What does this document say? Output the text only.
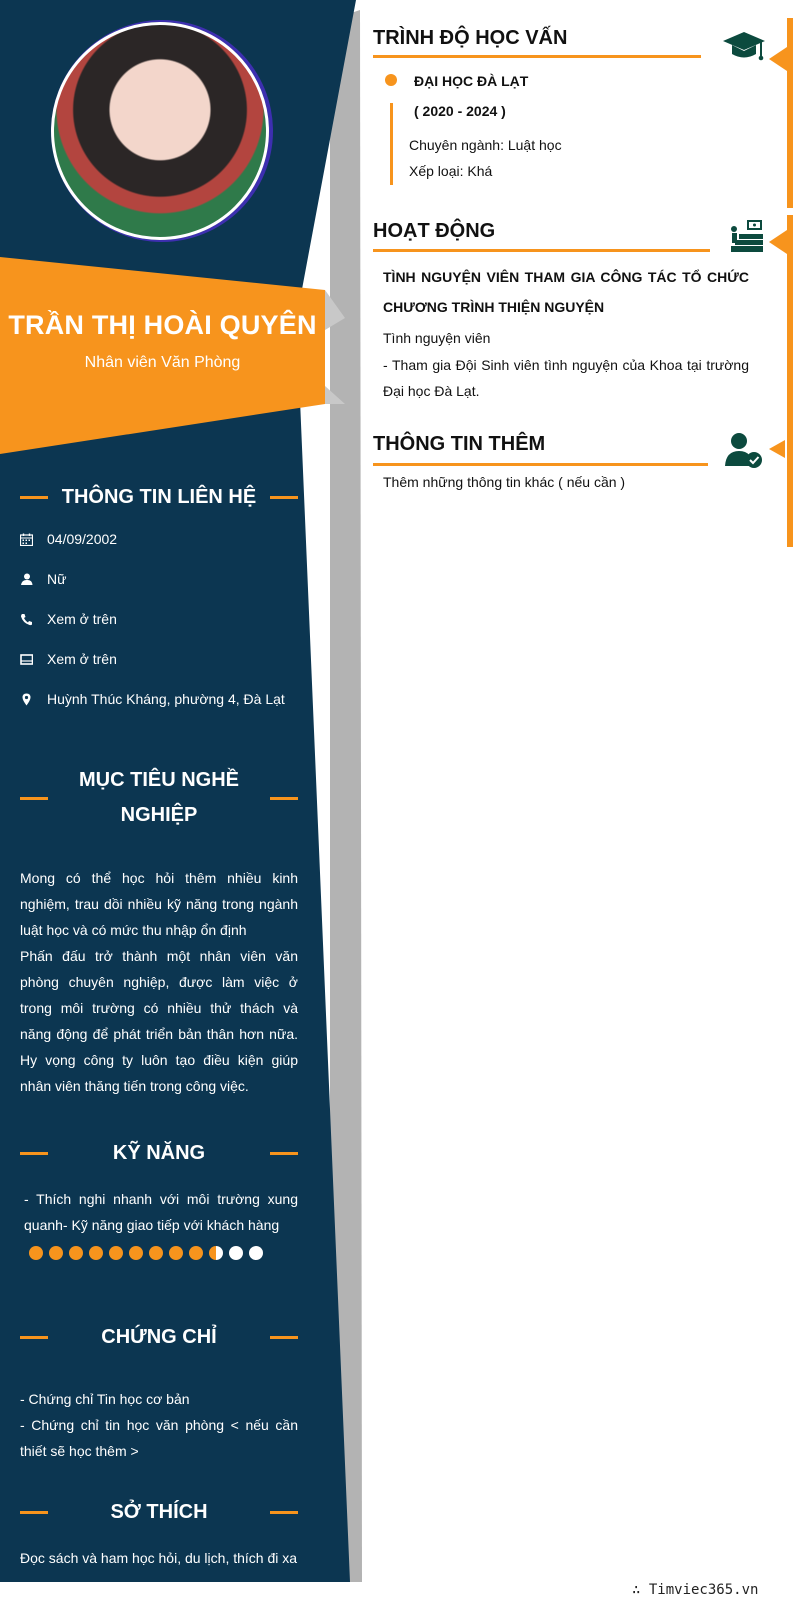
TRẦN THỊ HOÀI QUYÊN
Nhân viên Văn Phòng
THÔNG TIN LIÊN HỆ
04/09/2002
Nữ
Xem ở trên
Xem ở trên
Huỳnh Thúc Kháng, phường 4, Đà Lạt
MỤC TIÊU NGHỀ
NGHIỆP
Mong có thể học hỏi thêm nhiều kinh nghiệm, trau dồi nhiều kỹ năng trong ngành luật học và có mức thu nhập ổn định
Phấn đấu trở thành một nhân viên văn phòng chuyên nghiệp, được làm việc ở trong môi trường có nhiều thử thách và năng động để phát triển bản thân hơn nữa. Hy vọng công ty luôn tạo điều kiện giúp nhân viên thăng tiến trong công việc.
KỸ NĂNG
- Thích nghi nhanh với môi trường xung quanh- Kỹ năng giao tiếp với khách hàng
CHỨNG CHỈ
- Chứng chỉ Tin học cơ bản
- Chứng chỉ tin học văn phòng < nếu cần thiết sẽ học thêm >
SỞ THÍCH
Đọc sách và ham học hỏi, du lịch, thích đi xa
TRÌNH ĐỘ HỌC VẤN
ĐẠI HỌC ĐÀ LẠT
( 2020 - 2024 )
Chuyên ngành: Luật học
Xếp loại: Khá
HOẠT ĐỘNG
TÌNH NGUYỆN VIÊN THAM GIA CÔNG TÁC TỔ CHỨC CHƯƠNG TRÌNH THIỆN NGUYỆN
Tình nguyện viên
- Tham gia Đội Sinh viên tình nguyện của Khoa tại trường Đại học Đà Lạt.
THÔNG TIN THÊM
Thêm những thông tin khác ( nếu cần )
∴ Timviec365.vn
